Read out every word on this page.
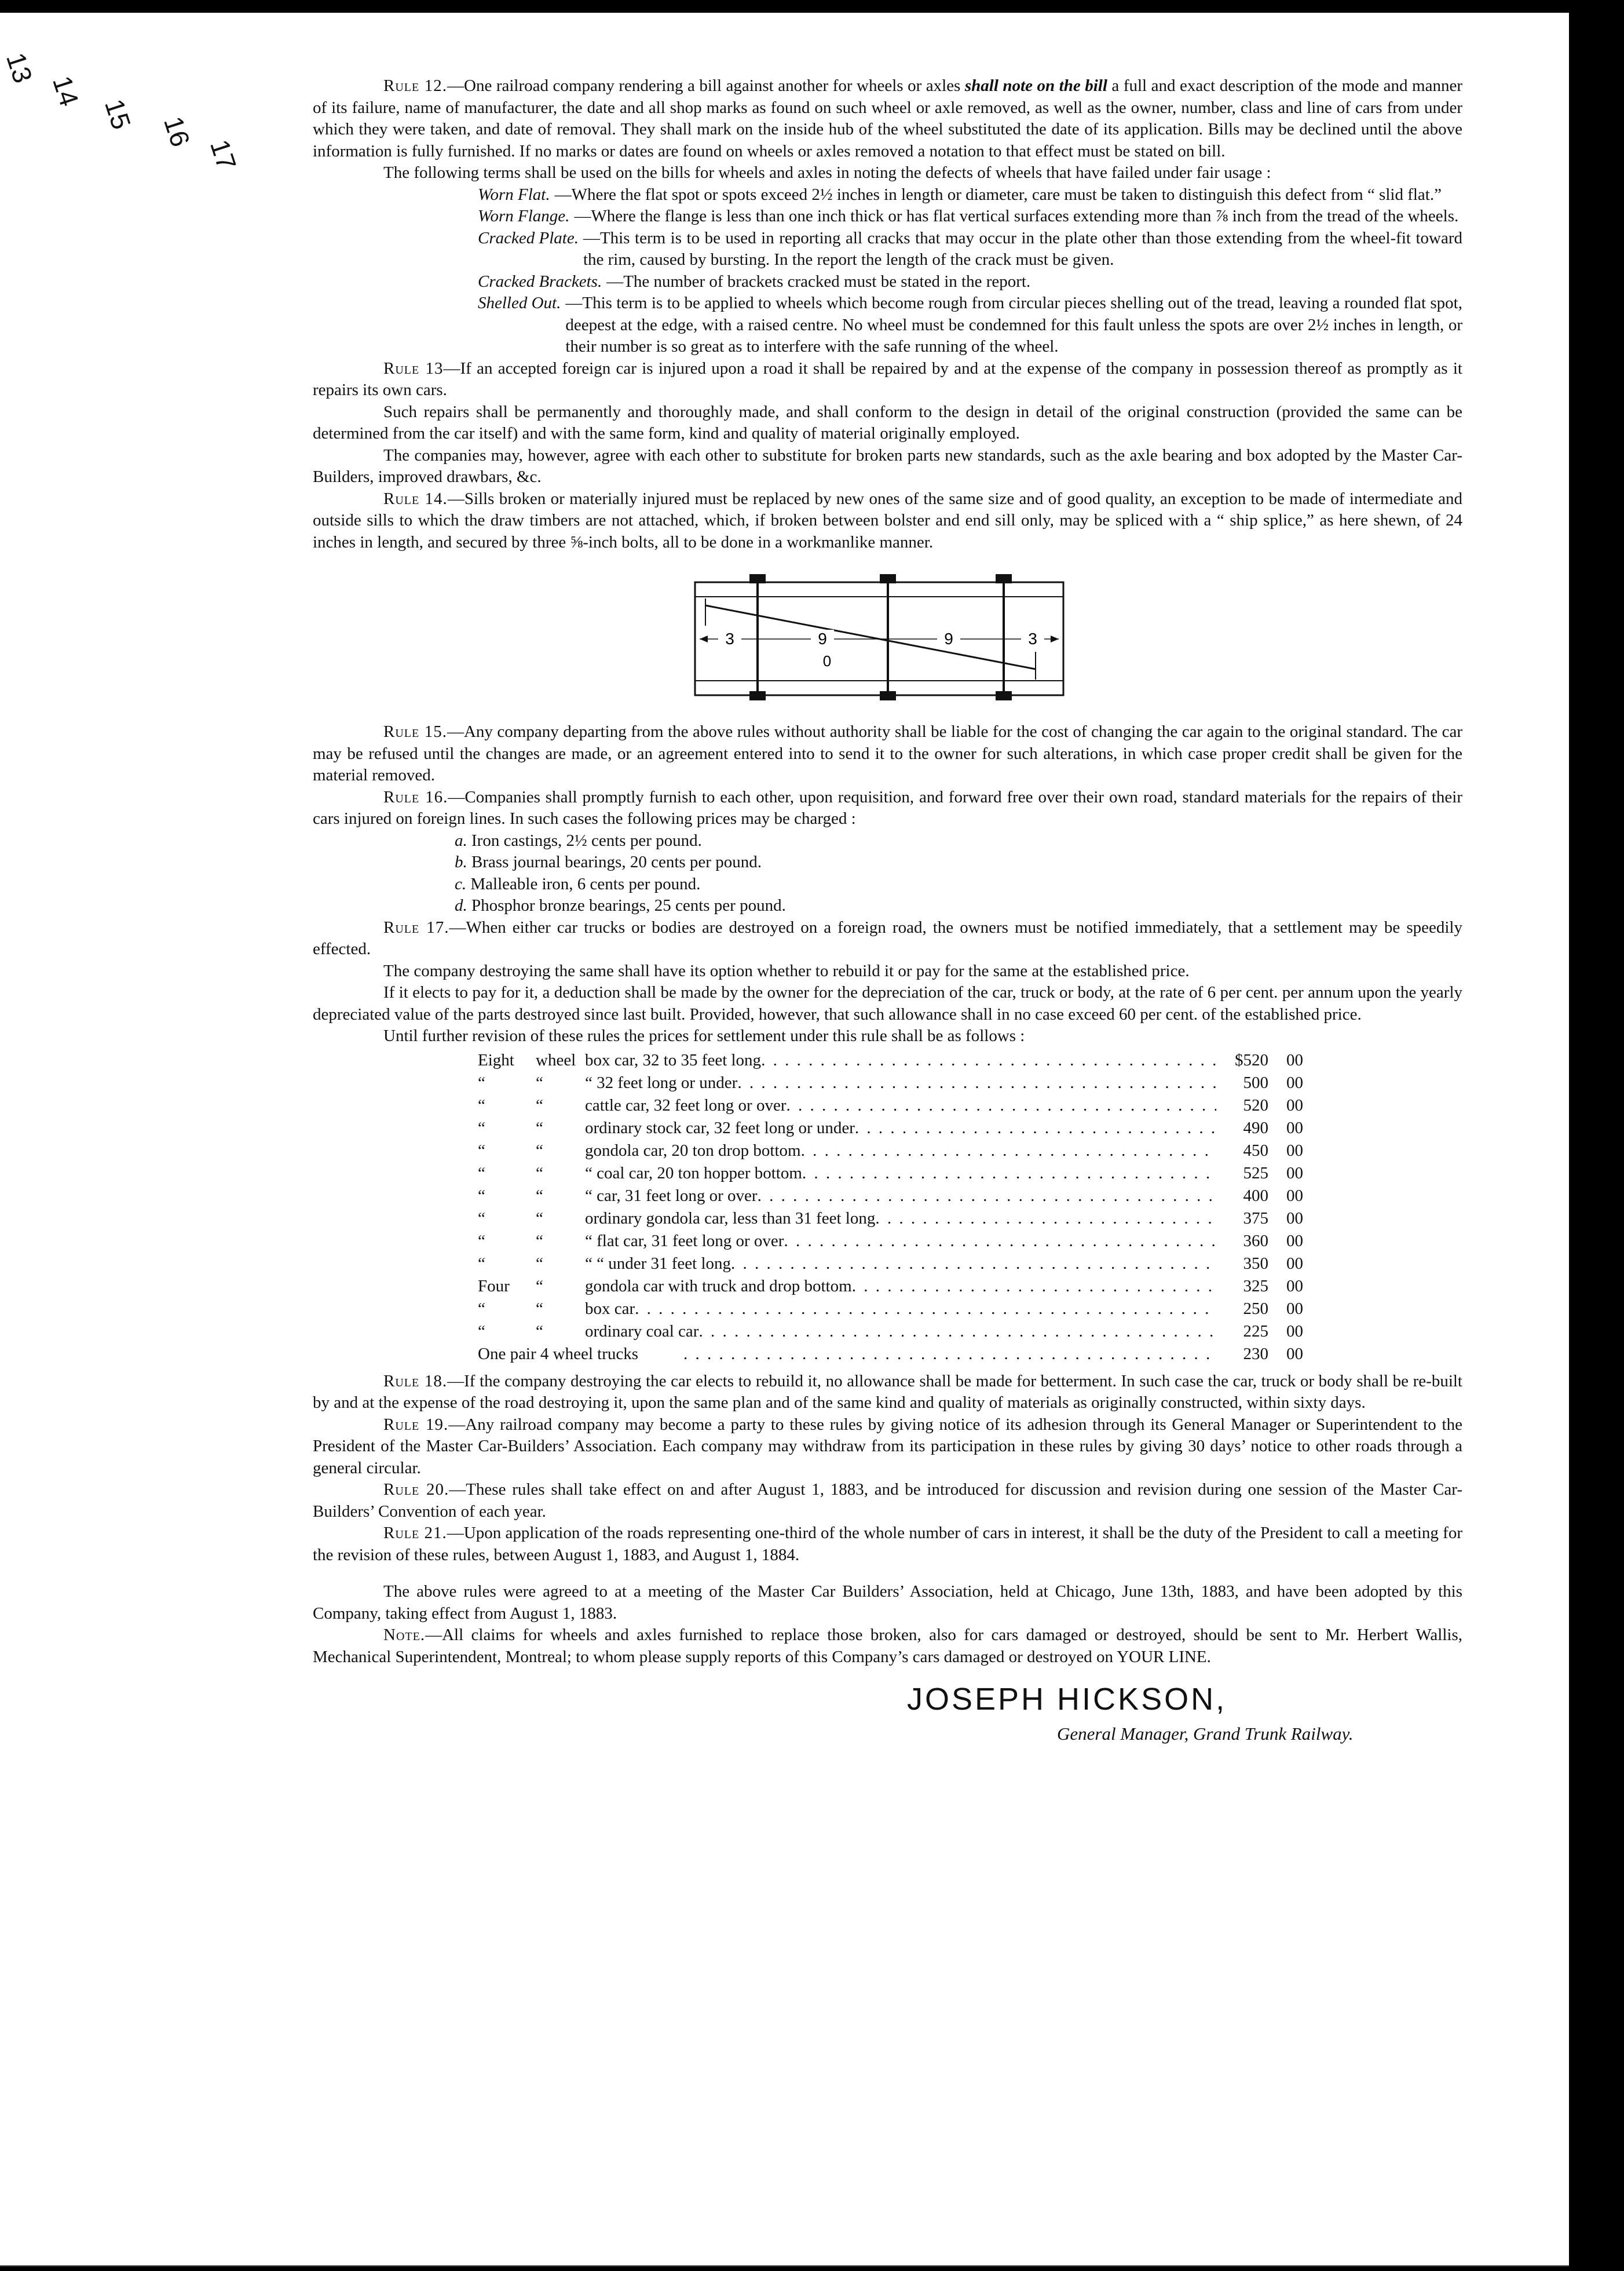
13
14
15 16
17

Rule 12.—One railroad company rendering a bill against another for wheels or axles shall note on the bill a full and exact description of the mode and manner of its failure, name of manufacturer, the date and all shop marks as found on such wheel or axle removed, as well as the owner, number, class and line of cars from under which they were taken, and date of removal. They shall mark on the inside hub of the wheel substituted the date of its application. Bills may be declined until the above information is fully furnished. If no marks or dates are found on wheels or axles removed a notation to that effect must be stated on bill.

The following terms shall be used on the bills for wheels and axles in noting the defects of wheels that have failed under fair usage :

Worn Flat. —Where the flat spot or spots exceed 2½ inches in length or diameter, care must be taken to distinguish this defect from “ slid flat.”
Worn Flange. —Where the flange is less than one inch thick or has flat vertical surfaces extending more than ⅞ inch from the tread of the wheels.
Cracked Plate. —This term is to be used in reporting all cracks that may occur in the plate other than those extending from the wheel-fit toward the rim, caused by bursting. In the report the length of the crack must be given.
Cracked Brackets. —The number of brackets cracked must be stated in the report.
Shelled Out. —This term is to be applied to wheels which become rough from circular pieces shelling out of the tread, leaving a rounded flat spot, deepest at the edge, with a raised centre. No wheel must be condemned for this fault unless the spots are over 2½ inches in length, or their number is so great as to interfere with the safe running of the wheel.

Rule 13—If an accepted foreign car is injured upon a road it shall be repaired by and at the expense of the company in possession thereof as promptly as it repairs its own cars.

Such repairs shall be permanently and thoroughly made, and shall conform to the design in detail of the original construction (provided the same can be determined from the car itself) and with the same form, kind and quality of material originally employed.

The companies may, however, agree with each other to substitute for broken parts new standards, such as the axle bearing and box adopted by the Master Car-Builders, improved drawbars, &c.

Rule 14.—Sills broken or materially injured must be replaced by new ones of the same size and of good quality, an exception to be made of intermediate and outside sills to which the draw timbers are not attached, which, if broken between bolster and end sill only, may be spliced with a “ ship splice,” as here shewn, of 24 inches in length, and secured by three ⅝-inch bolts, all to be done in a workmanlike manner.

3	9	9	3
0

Rule 15.—Any company departing from the above rules without authority shall be liable for the cost of changing the car again to the original standard. The car may be refused until the changes are made, or an agreement entered into to send it to the owner for such alterations, in which case proper credit shall be given for the material removed.

Rule 16.—Companies shall promptly furnish to each other, upon requisition, and forward free over their own road, standard materials for the repairs of their cars injured on foreign lines. In such cases the following prices may be charged :

a. Iron castings, 2½ cents per pound.
b. Brass journal bearings, 20 cents per pound.
c. Malleable iron, 6 cents per pound.
d. Phosphor bronze bearings, 25 cents per pound.

Rule 17.—When either car trucks or bodies are destroyed on a foreign road, the owners must be notified immediately, that a settlement may be speedily effected.

The company destroying the same shall have its option whether to rebuild it or pay for the same at the established price.

If it elects to pay for it, a deduction shall be made by the owner for the depreciation of the car, truck or body, at the rate of 6 per cent. per annum upon the yearly depreciated value of the parts destroyed since last built. Provided, however, that such allowance shall in no case exceed 60 per cent. of the established price.

Until further revision of these rules the prices for settlement under this rule shall be as follows :

Eight	wheel box car, 32 to 35 feet long . . .	$520	00
“	“	“ 32 feet long or under . . .	500	00
“	“	cattle car, 32 feet long or over . . .	520	00
“	“	ordinary stock car, 32 feet long or under . . .	490	00
“	“	gondola car, 20 ton drop bottom . . .	450	00
“	“	“ coal car, 20 ton hopper bottom . . .	525	00
“	“	“ car, 31 feet long or over . . .	400	00
“	“	ordinary gondola car, less than 31 feet long . . .	375	00
“	“	“ flat car, 31 feet long or over . . .	360	00
“	“	“ “ under 31 feet long . . .	350	00
Four	“	gondola car with truck and drop bottom . . .	325	00
“	“	box car . . .	250	00
“	“	ordinary coal car . . .	225	00
One pair 4 wheel trucks . . .	230	00

Rule 18.—If the company destroying the car elects to rebuild it, no allowance shall be made for betterment. In such case the car, truck or body shall be re-built by and at the expense of the road destroying it, upon the same plan and of the same kind and quality of materials as originally constructed, within sixty days.

Rule 19.—Any railroad company may become a party to these rules by giving notice of its adhesion through its General Manager or Superintendent to the President of the Master Car-Builders’ Association. Each company may withdraw from its participation in these rules by giving 30 days’ notice to other roads through a general circular.

Rule 20.—These rules shall take effect on and after August 1, 1883, and be introduced for discussion and revision during one session of the Master Car-Builders’ Convention of each year.

Rule 21.—Upon application of the roads representing one-third of the whole number of cars in interest, it shall be the duty of the President to call a meeting for the revision of these rules, between August 1, 1883, and August 1, 1884.

The above rules were agreed to at a meeting of the Master Car Builders’ Association, held at Chicago, June 13th, 1883, and have been adopted by this Company, taking effect from August 1, 1883.

Note.—All claims for wheels and axles furnished to replace those broken, also for cars damaged or destroyed, should be sent to Mr. Herbert Wallis, Mechanical Superintendent, Montreal; to whom please supply reports of this Company’s cars damaged or destroyed on YOUR LINE.

JOSEPH HICKSON,
General Manager, Grand Trunk Railway.
